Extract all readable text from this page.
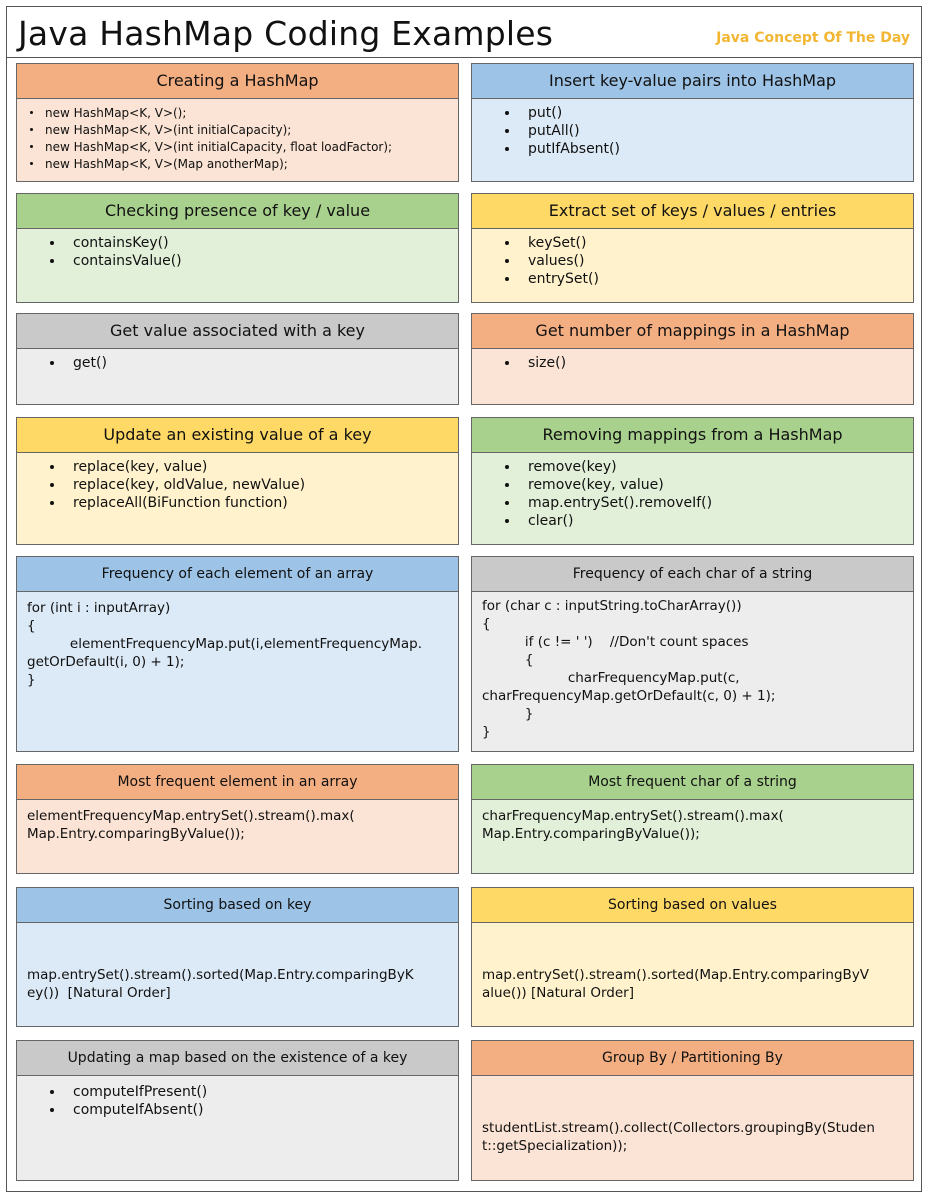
Java HashMap Coding Examples	Java Concept Of The Day
Creating a HashMap
new HashMap<K, V>();
new HashMap<K, V>(int initialCapacity);
new HashMap<K, V>(int initialCapacity, float loadFactor);
new HashMap<K, V>(Map anotherMap);
Insert key-value pairs into HashMap
put()
putAll()
putIfAbsent()
Checking presence of key / value
containsKey()
containsValue()
Extract set of keys / values / entries
keySet()
values()
entrySet()
Get value associated with a key
get()
Get number of mappings in a HashMap
size()
Update an existing value of a key
replace(key, value)
replace(key, oldValue, newValue)
replaceAll(BiFunction function)
Removing mappings from a HashMap
remove(key)
remove(key, value)
map.entrySet().removeIf()
clear()
Frequency of each element of an array
for (int i : inputArray)
{
elementFrequencyMap.put(i,elementFrequencyMap.
getOrDefault(i, 0) + 1);
}
Frequency of each char of a string
for (char c : inputString.toCharArray())
{
if (c != ' ')    //Don't count spaces
{
charFrequencyMap.put(c,
charFrequencyMap.getOrDefault(c, 0) + 1);
}
}
Most frequent element in an array
elementFrequencyMap.entrySet().stream().max(
Map.Entry.comparingByValue());
Most frequent char of a string
charFrequencyMap.entrySet().stream().max(
Map.Entry.comparingByValue());
Sorting based on key

map.entrySet().stream().sorted(Map.Entry.comparingByK
ey())  [Natural Order]

Sorting based on values

map.entrySet().stream().sorted(Map.Entry.comparingByV
alue()) [Natural Order]

Updating a map based on the existence of a key
computeIfPresent()
computeIfAbsent()
Group By / Partitioning By

studentList.stream().collect(Collectors.groupingBy(Studen
t::getSpecialization));
